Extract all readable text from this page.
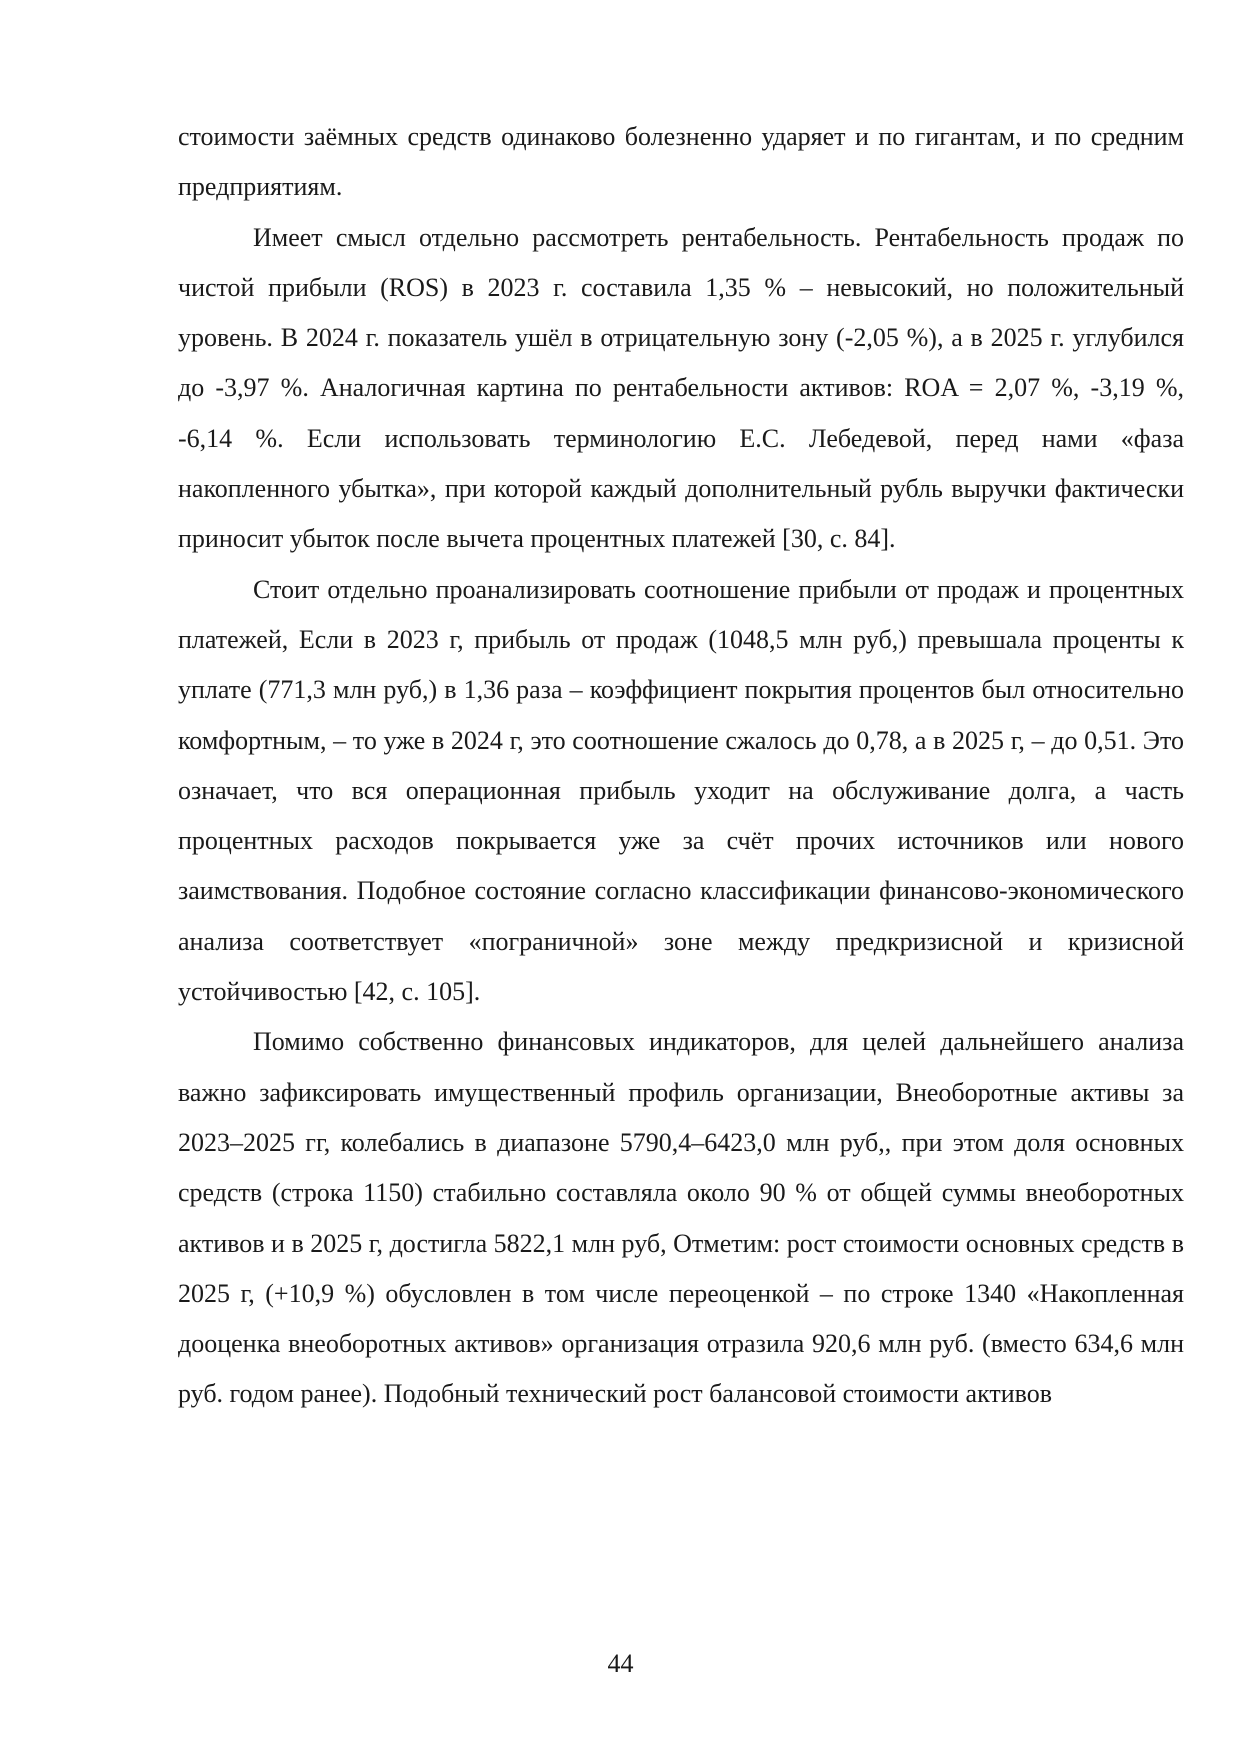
стоимости заёмных средств одинаково болезненно ударяет и по гигантам, и по средним предприятиям.

Имеет смысл отдельно рассмотреть рентабельность. Рентабельность продаж по чистой прибыли (ROS) в 2023 г. составила 1,35 % – невысокий, но положительный уровень. В 2024 г. показатель ушёл в отрицательную зону (-2,05 %), а в 2025 г. углубился до -3,97 %. Аналогичная картина по рентабельности активов: ROA = 2,07 %, -3,19 %, -6,14 %. Если использовать терминологию Е.С. Лебедевой, перед нами «фаза накопленного убытка», при которой каждый дополнительный рубль выручки фактически приносит убыток после вычета процентных платежей [30, с. 84].

Стоит отдельно проанализировать соотношение прибыли от продаж и процентных платежей, Если в 2023 г, прибыль от продаж (1048,5 млн руб,) превышала проценты к уплате (771,3 млн руб,) в 1,36 раза – коэффициент покрытия процентов был относительно комфортным, – то уже в 2024 г, это соотношение сжалось до 0,78, а в 2025 г, – до 0,51. Это означает, что вся операционная прибыль уходит на обслуживание долга, а часть процентных расходов покрывается уже за счёт прочих источников или нового заимствования. Подобное состояние согласно классификации финансово-экономического анализа соответствует «пограничной» зоне между предкризисной и кризисной устойчивостью [42, с. 105].

Помимо собственно финансовых индикаторов, для целей дальнейшего анализа важно зафиксировать имущественный профиль организации, Внеоборотные активы за 2023–2025 гг, колебались в диапазоне 5790,4–6423,0 млн руб,, при этом доля основных средств (строка 1150) стабильно составляла около 90 % от общей суммы внеоборотных активов и в 2025 г, достигла 5822,1 млн руб, Отметим: рост стоимости основных средств в 2025 г, (+10,9 %) обусловлен в том числе переоценкой – по строке 1340 «Накопленная дооценка внеоборотных активов» организация отразила 920,6 млн руб. (вместо 634,6 млн руб. годом ранее). Подобный технический рост балансовой стоимости активов

44
